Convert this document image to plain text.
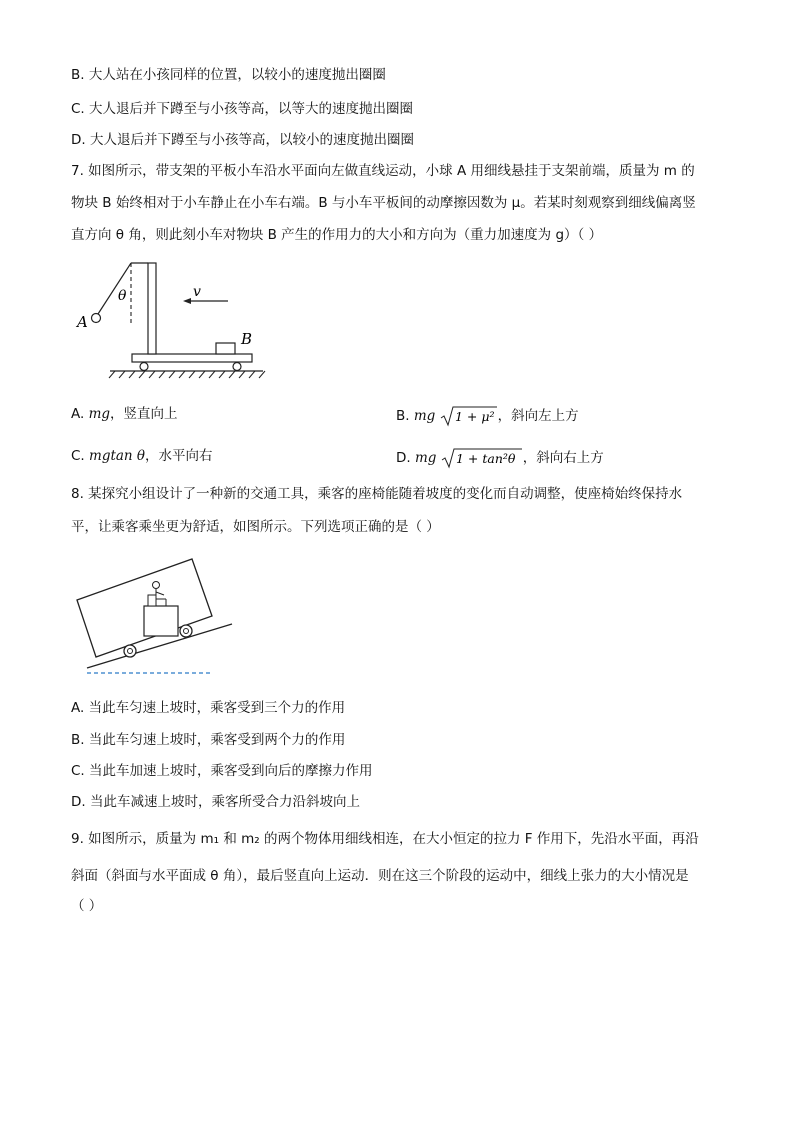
B. 大人站在小孩同样的位置，以较小的速度抛出圈圈
C. 大人退后并下蹲至与小孩等高，以等大的速度抛出圈圈
D. 大人退后并下蹲至与小孩等高，以较小的速度抛出圈圈
7. 如图所示，带支架的平板小车沿水平面向左做直线运动，小球 A 用细线悬挂于支架前端，质量为 m 的
物块 B 始终相对于小车静止在小车右端。B 与小车平板间的动摩擦因数为 μ。若某时刻观察到细线偏离竖
直方向 θ 角，则此刻小车对物块 B 产生的作用力的大小和方向为（重力加速度为 g）（ ）
θ	v
A
B
A. mg，竖直向上	B. mg 1 + μ² ，斜向左上方
C. mgtan θ，水平向右	D. mg 1 + tan²θ ，斜向右上方
8. 某探究小组设计了一种新的交通工具，乘客的座椅能随着坡度的变化而自动调整，使座椅始终保持水
平，让乘客乘坐更为舒适，如图所示。下列选项正确的是（ ）
A. 当此车匀速上坡时，乘客受到三个力的作用
B. 当此车匀速上坡时，乘客受到两个力的作用
C. 当此车加速上坡时，乘客受到向后的摩擦力作用
D. 当此车减速上坡时，乘客所受合力沿斜坡向上
9. 如图所示，质量为 m₁ 和 m₂ 的两个物体用细线相连，在大小恒定的拉力 F 作用下，先沿水平面，再沿
斜面（斜面与水平面成 θ 角），最后竖直向上运动．则在这三个阶段的运动中，细线上张力的大小情况是
（ ）
